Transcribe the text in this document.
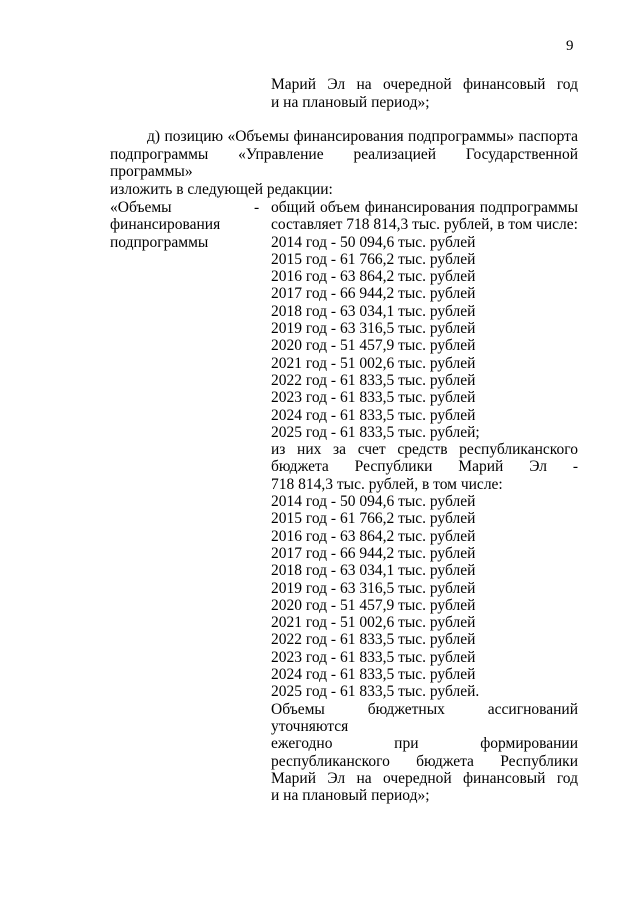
9
Марий Эл на очередной финансовый год
и на плановый период»;
д) позицию «Объемы финансирования подпрограммы» паспорта
подпрограммы «Управление реализацией Государственной программы»
изложить в следующей редакции:
«Объемы
финансирования
подпрограммы
- общий объем финансирования подпрограммы
составляет 718 814,3 тыс. рублей, в том числе:
2014 год - 50 094,6 тыс. рублей
2015 год - 61 766,2 тыс. рублей
2016 год - 63 864,2 тыс. рублей
2017 год - 66 944,2 тыс. рублей
2018 год - 63 034,1 тыс. рублей
2019 год - 63 316,5 тыс. рублей
2020 год - 51 457,9 тыс. рублей
2021 год - 51 002,6 тыс. рублей
2022 год - 61 833,5 тыс. рублей
2023 год - 61 833,5 тыс. рублей
2024 год - 61 833,5 тыс. рублей
2025 год - 61 833,5 тыс. рублей;
из них за счет средств республиканского
бюджета Республики Марий Эл -
718 814,3 тыс. рублей, в том числе:
2014 год - 50 094,6 тыс. рублей
2015 год - 61 766,2 тыс. рублей
2016 год - 63 864,2 тыс. рублей
2017 год - 66 944,2 тыс. рублей
2018 год - 63 034,1 тыс. рублей
2019 год - 63 316,5 тыс. рублей
2020 год - 51 457,9 тыс. рублей
2021 год - 51 002,6 тыс. рублей
2022 год - 61 833,5 тыс. рублей
2023 год - 61 833,5 тыс. рублей
2024 год - 61 833,5 тыс. рублей
2025 год - 61 833,5 тыс. рублей.
Объемы бюджетных ассигнований уточняются
ежегодно при формировании
республиканского бюджета Республики
Марий Эл на очередной финансовый год
и на плановый период»;
